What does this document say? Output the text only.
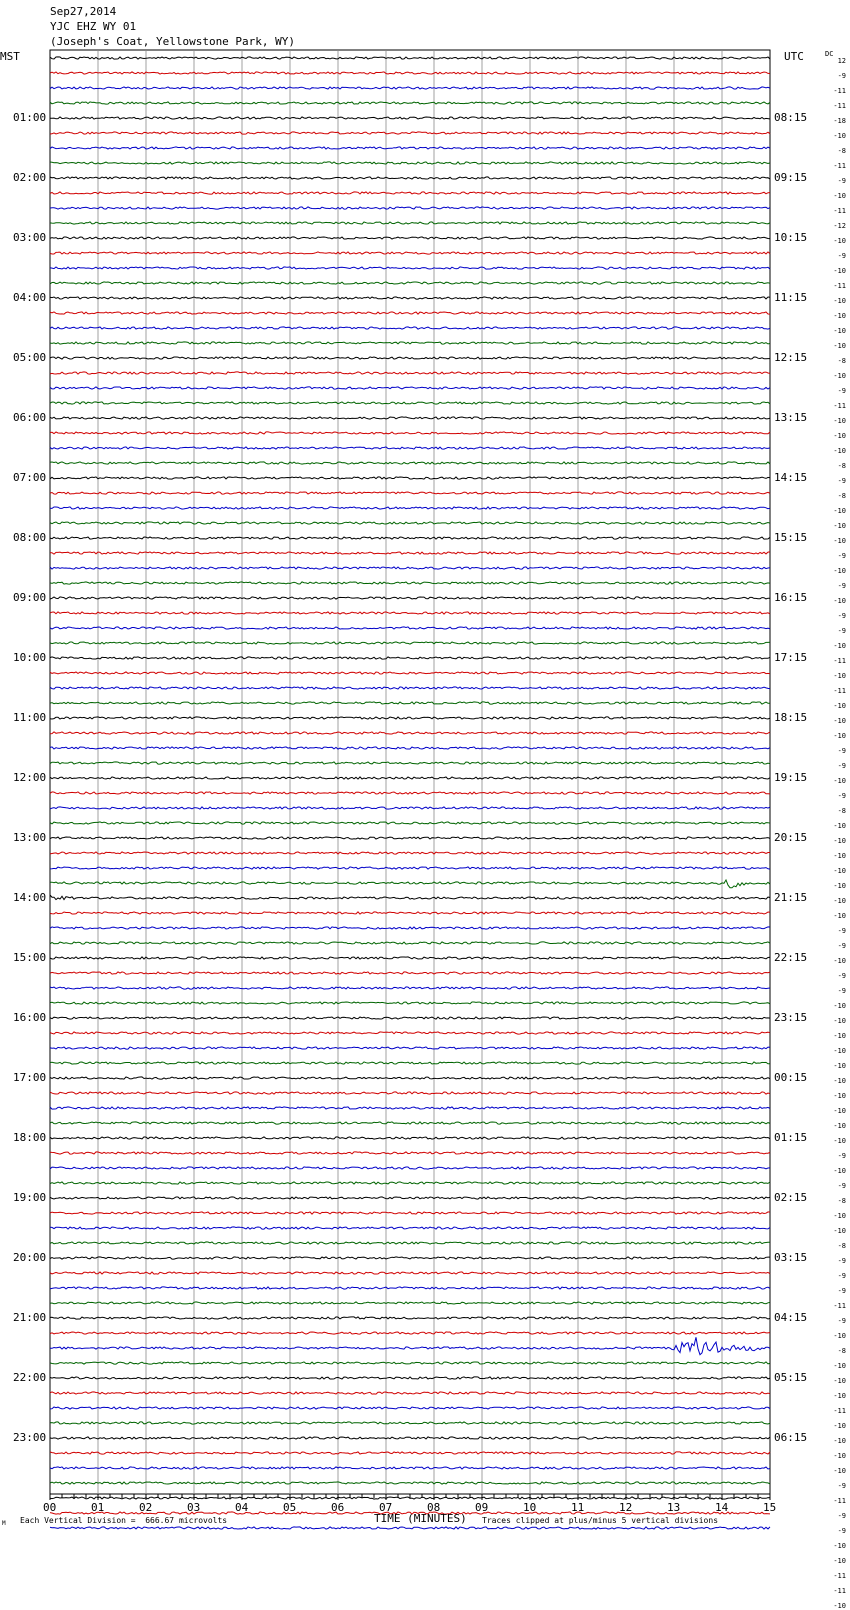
Sep27,2014
YJC EHZ WY 01
(Joseph's Coat, Yellowstone Park, WY)
MST	UTC	DC
00	01	02	03	04	05	06	07	08	09	10	11	12	13	14	15
01:00
02:00
03:00
04:00
05:00
06:00
07:00
08:00
09:00
10:00
11:00
12:00
13:00
14:00
15:00
16:00
17:00
18:00
19:00
20:00
21:00
22:00
23:00
08:15
09:15
10:15
11:15
12:15
13:15
14:15
15:15
16:15
17:15
18:15
19:15
20:15
21:15
22:15
23:15
00:15
01:15
02:15
03:15
04:15
05:15
06:15
12
-9
-11
-11
-18
-10
-8
-11
-9
-10
-11
-12
-10
-9
-10
-11
-10
-10
-10
-10
-8
-10
-9
-11
-10
-10
-10
-8
-9
-8
-10
-10
-10
-9
-10
-9
-10
-9
-9
-10
-11
-10
-11
-10
-10
-10
-9
-9
-10
-9
-8
-10
-10
-10
-10
-10
-10
-10
-9
-9
-10
-9
-9
-10
-10
-10
-10
-10
-10
-10
-10
-10
-10
-9
-10
-9
-8
-10
-10
-8
-9
-9
-9
-11
-9
-10
-8
-10
-10
-10
-11
-10
-10
-10
-10
-9
-11
-9
-9
-10
-10
-11
-11
-10
M Each Vertical Division =  666.67 microvolts	TIME (MINUTES) Traces clipped at plus/minus 5 vertical divisions
